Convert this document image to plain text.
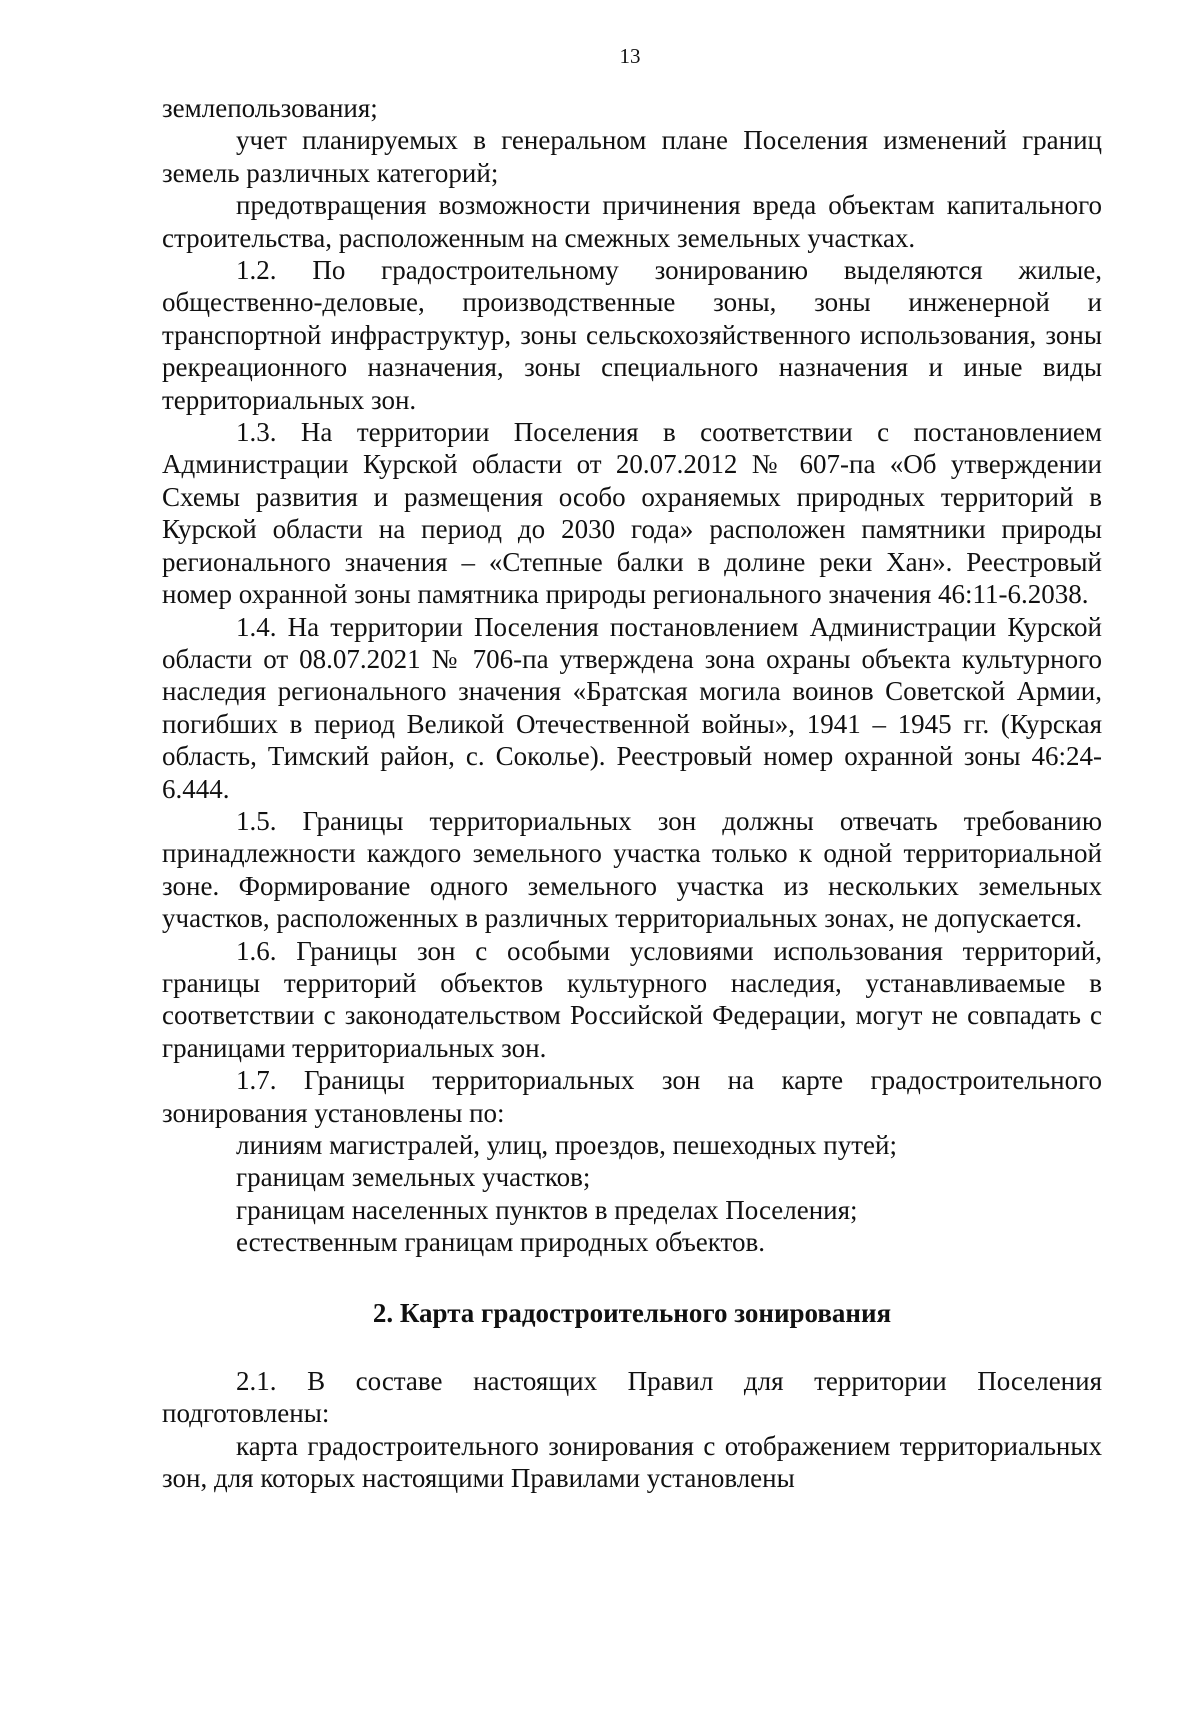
13

землепользования;

учет планируемых в генеральном плане Поселения изменений границ земель различных категорий;

предотвращения возможности причинения вреда объектам капитального строительства, расположенным на смежных земельных участках.

1.2. По градостроительному зонированию выделяются жилые, общественно-деловые, производственные зоны, зоны инженерной и транспортной инфраструктур, зоны сельскохозяйственного использования, зоны рекреационного назначения, зоны специального назначения и иные виды территориальных зон.

1.3. На территории Поселения в соответствии с постановлением Администрации Курской области от 20.07.2012 № 607-па «Об утверждении Схемы развития и размещения особо охраняемых природных территорий в Курской области на период до 2030 года» расположен памятники природы регионального значения – «Степные балки в долине реки Хан». Реестровый номер охранной зоны памятника природы регионального значения 46:11-6.2038.

1.4. На территории Поселения постановлением Администрации Курской области от 08.07.2021 № 706-па утверждена зона охраны объекта культурного наследия регионального значения «Братская могила воинов Советской Армии, погибших в период Великой Отечественной войны», 1941 – 1945 гг. (Курская область, Тимский район, с. Соколье). Реестровый номер охранной зоны 46:24-6.444.

1.5. Границы территориальных зон должны отвечать требованию принадлежности каждого земельного участка только к одной территориальной зоне. Формирование одного земельного участка из нескольких земельных участков, расположенных в различных территориальных зонах, не допускается.

1.6. Границы зон с особыми условиями использования территорий, границы территорий объектов культурного наследия, устанавливаемые в соответствии с законодательством Российской Федерации, могут не совпадать с границами территориальных зон.

1.7. Границы территориальных зон на карте градостроительного зонирования установлены по:

линиям магистралей, улиц, проездов, пешеходных путей;

границам земельных участков;

границам населенных пунктов в пределах Поселения;

естественным границам природных объектов.

2. Карта градостроительного зонирования

2.1. В составе настоящих Правил для территории Поселения подготовлены:

карта градостроительного зонирования с отображением территориальных зон, для которых настоящими Правилами установлены
